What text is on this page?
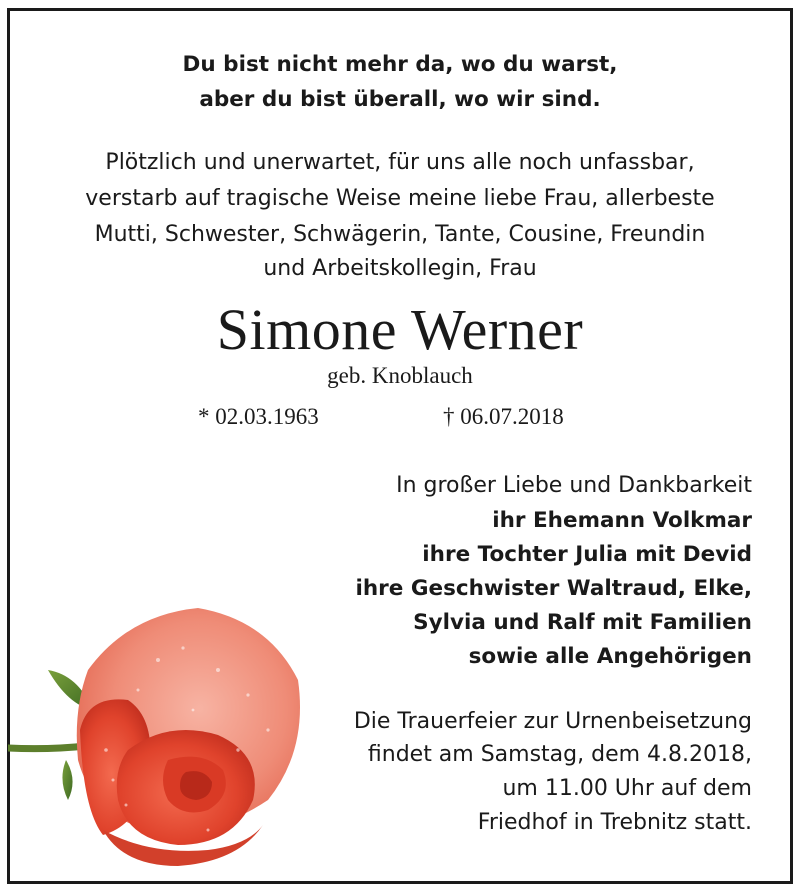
Du bist nicht mehr da, wo du warst,
aber du bist überall, wo wir sind.
Plötzlich und unerwartet, für uns alle noch unfassbar,
verstarb auf tragische Weise meine liebe Frau, allerbeste
Mutti, Schwester, Schwägerin, Tante, Cousine, Freundin
und Arbeitskollegin, Frau
Simone Werner
geb. Knoblauch
* 02.03.1963	† 06.07.2018
In großer Liebe und Dankbarkeit
ihr Ehemann Volkmar
ihre Tochter Julia mit Devid
ihre Geschwister Waltraud, Elke,
Sylvia und Ralf mit Familien
sowie alle Angehörigen
Die Trauerfeier zur Urnenbeisetzung
findet am Samstag, dem 4.8.2018,
um 11.00 Uhr auf dem
Friedhof in Trebnitz statt.
